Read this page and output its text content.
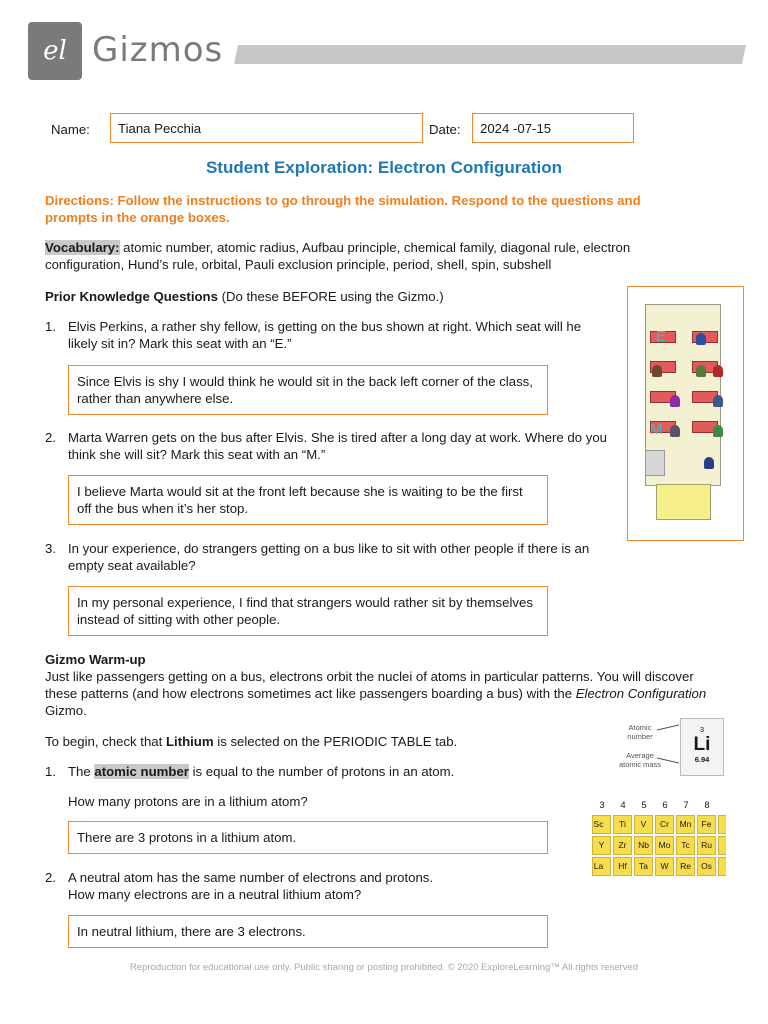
el Gizmos
Name:	Tiana Pecchia	Date:	2024 -07-15
Student Exploration: Electron Configuration
Directions: Follow the instructions to go through the simulation. Respond to the questions and prompts in the orange boxes.
Vocabulary: atomic number, atomic radius, Aufbau principle, chemical family, diagonal rule, electron configuration, Hund’s rule, orbital, Pauli exclusion principle, period, shell, spin, subshell
Prior Knowledge Questions (Do these BEFORE using the Gizmo.)
1. Elvis Perkins, a rather shy fellow, is getting on the bus shown at right. Which seat will he likely sit in? Mark this seat with an “E.”
Since Elvis is shy I would think he would sit in the back left corner of the class, rather than anywhere else.
2. Marta Warren gets on the bus after Elvis. She is tired after a long day at work. Where do you think she will sit? Mark this seat with an “M.”
I believe Marta would sit at the front left because she is waiting to be the first off the bus when it’s her stop.
3. In your experience, do strangers getting on a bus like to sit with other people if there is an empty seat available?
In my personal experience, I find that strangers would rather sit by themselves instead of sitting with other people.
E
M
Gizmo Warm-up
Just like passengers getting on a bus, electrons orbit the nuclei of atoms in particular patterns. You will discover these patterns (and how electrons sometimes act like passengers boarding a bus) with the Electron Configuration Gizmo.
To begin, check that Lithium is selected on the PERIODIC TABLE tab.
1. The atomic number is equal to the number of protons in an atom.
How many protons are in a lithium atom?
There are 3 protons in a lithium atom.
2. A neutral atom has the same number of electrons and protons.
How many electrons are in a neutral lithium atom?
In neutral lithium, there are 3 electrons.
Atomic number
Average atomic mass
3
Li
6.94
3	4	5	6	7	8
Sc	Ti	V	Cr	Mn	Fe
Y	Zr	Nb	Mo	Tc	Ru
La	Hf	Ta	W	Re	Os
Reproduction for educational use only. Public sharing or posting prohibited. © 2020 ExploreLearning™ All rights reserved
